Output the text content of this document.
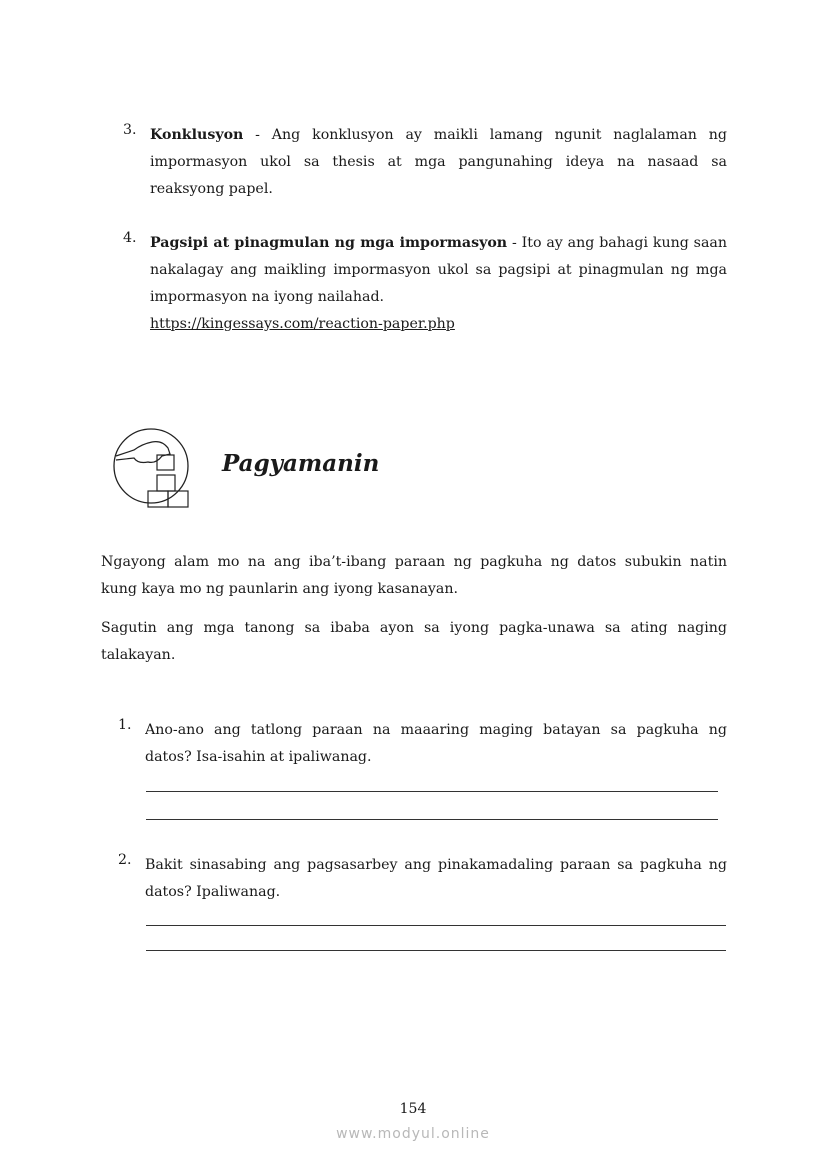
3. Konklusyon - Ang konklusyon ay maikli lamang ngunit naglalaman ng
impormasyon ukol sa thesis at mga pangunahing ideya na nasaad sa
reaksyong papel.
4. Pagsipi at pinagmulan ng mga impormasyon - Ito ay ang bahagi kung saan
nakalagay ang maikling impormasyon ukol sa pagsipi at pinagmulan ng mga
impormasyon na iyong nailahad.
https://kingessays.com/reaction-paper.php
Pagyamanin
Ngayong alam mo na ang iba’t-ibang paraan ng pagkuha ng datos subukin natin
kung kaya mo ng paunlarin ang iyong kasanayan.
Sagutin ang mga tanong sa ibaba ayon sa iyong pagka-unawa sa ating naging
talakayan.
1. Ano-ano ang tatlong paraan na maaaring maging batayan sa pagkuha ng
datos? Isa-isahin at ipaliwanag.
2. Bakit sinasabing ang pagsasarbey ang pinakamadaling paraan sa pagkuha ng
datos? Ipaliwanag.
154
www.modyul.online
